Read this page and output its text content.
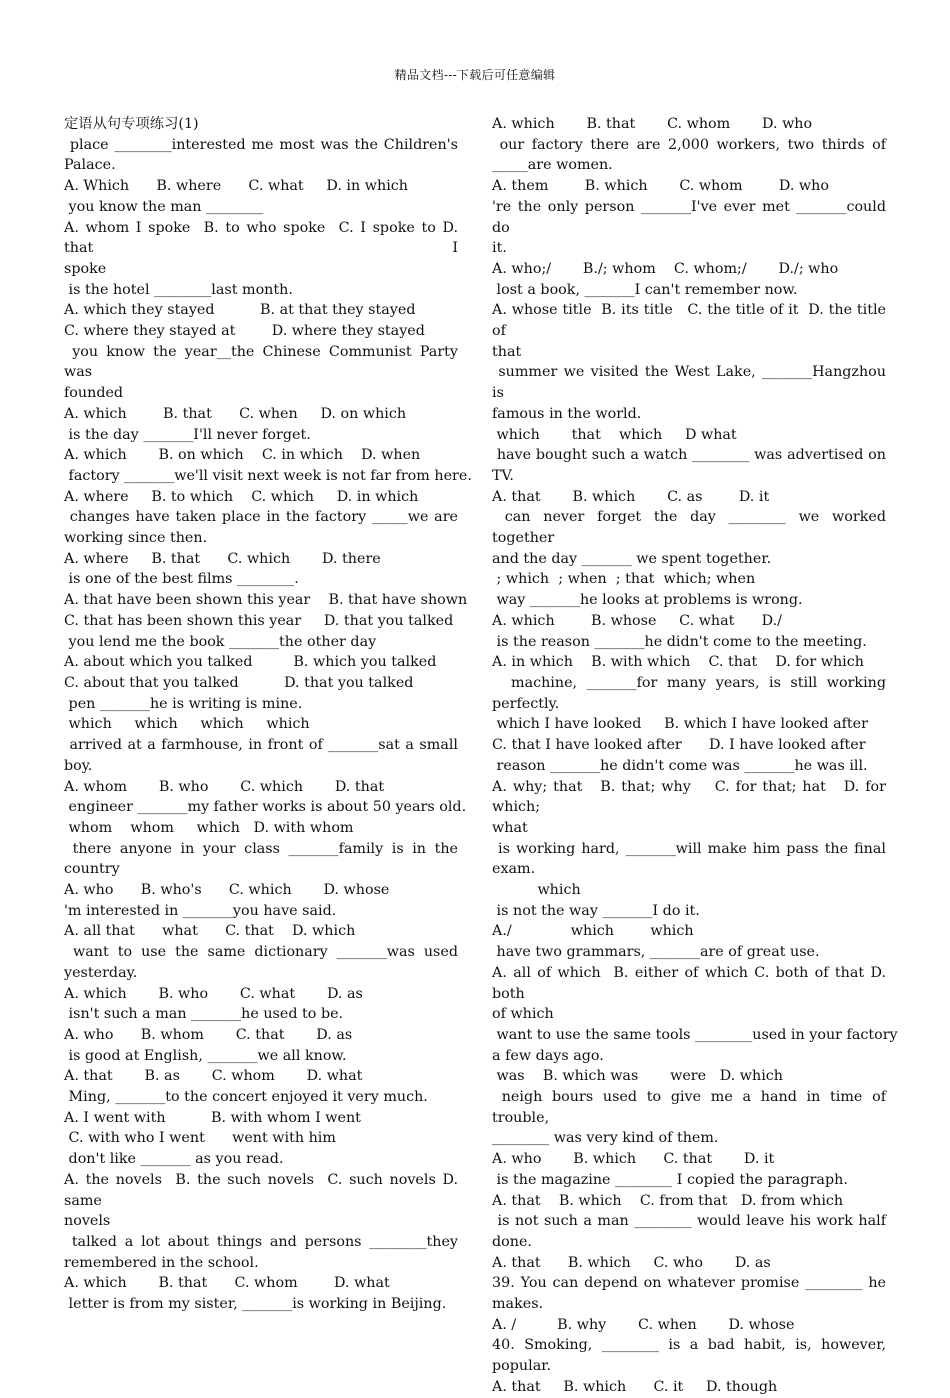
精品文档---下载后可任意编辑
定语从句专项练习(1)
place ________interested me most was the Children's
Palace.
A. Which      B. where      C. what     D. in which
you know the man ________
A. whom I spoke  B. to who spoke  C. I spoke to D. that I
spoke
is the hotel ________last month.
A. which they stayed          B. at that they stayed
C. where they stayed at        D. where they stayed
you know the year__the Chinese Communist Party was
founded
A. which        B. that      C. when     D. on which
is the day _______I'll never forget.
A. which       B. on which    C. in which    D. when
factory _______we'll visit next week is not far from here.
A. where     B. to which    C. which     D. in which
changes have taken place in the factory _____we are
working since then.
A. where     B. that      C. which       D. there
is one of the best films ________.
A. that have been shown this year    B. that have shown
C. that has been shown this year     D. that you talked
you lend me the book _______the other day
A. about which you talked         B. which you talked
C. about that you talked          D. that you talked
pen _______he is writing is mine.
which     which     which     which
arrived at a farmhouse, in front of _______sat a small
boy.
A. whom       B. who       C. which       D. that
engineer _______my father works is about 50 years old.
whom    whom     which   D. with whom
there anyone in your class _______family is in the
country
A. who      B. who's      C. which       D. whose
'm interested in _______you have said.
A. all that      what      C. that    D. which
want to use the same dictionary _______was used
yesterday.
A. which       B. who       C. what       D. as
isn't such a man _______he used to be.
A. who      B. whom       C. that       D. as
is good at English, _______we all know.
A. that       B. as       C. whom       D. what
Ming, _______to the concert enjoyed it very much.
A. I went with          B. with whom I went
C. with who I went      went with him
don't like _______ as you read.
A. the novels  B. the such novels  C. such novels D. same
novels
talked a lot about things and persons ________they
remembered in the school.
A. which       B. that      C. whom        D. what
letter is from my sister, _______is working in Beijing.
A. which       B. that       C. whom       D. who
our factory there are 2,000 workers, two thirds of
_____are women.
A. them        B. which       C. whom        D. who
're the only person _______I've ever met _______could do
it.
A. who;/       B./; whom    C. whom;/       D./; who
lost a book, _______I can't remember now.
A. whose title  B. its title   C. the title of it  D. the title of
that
summer we visited the West Lake, _______Hangzhou is
famous in the world.
which       that    which     D what
have bought such a watch ________ was advertised on
TV.
A. that       B. which       C. as        D. it
can never forget the day ________ we worked together
and the day _______ we spent together.
; which  ; when  ; that  which; when
way _______he looks at problems is wrong.
A. which        B. whose     C. what      D./
is the reason _______he didn't come to the meeting.
A. in which    B. with which    C. that    D. for which
machine, _______for many years, is still working
perfectly.
which I have looked     B. which I have looked after
C. that I have looked after      D. I have looked after
reason _______he didn't come was _______he was ill.
A. why; that   B. that; why    C. for that; hat   D. for which;
what
is working hard, _______will make him pass the final
exam.
which
is not the way _______I do it.
A./             which        which
have two grammars, _______are of great use.
A. all of which  B. either of which C. both of that D. both
of which
want to use the same tools ________used in your factory
a few days ago.
was    B. which was       were   D. which
neigh bours used to give me a hand in time of trouble,
________ was very kind of them.
A. who       B. which      C. that       D. it
is the magazine ________ I copied the paragraph.
A. that    B. which    C. from that   D. from which
is not such a man ________ would leave his work half
done.
A. that      B. which     C. who       D. as
39. You can depend on whatever promise ________ he
makes.
A. /         B. why       C. when       D. whose
40. Smoking, ________ is a bad habit, is, however,
popular.
A. that     B. which      C. it     D. though
